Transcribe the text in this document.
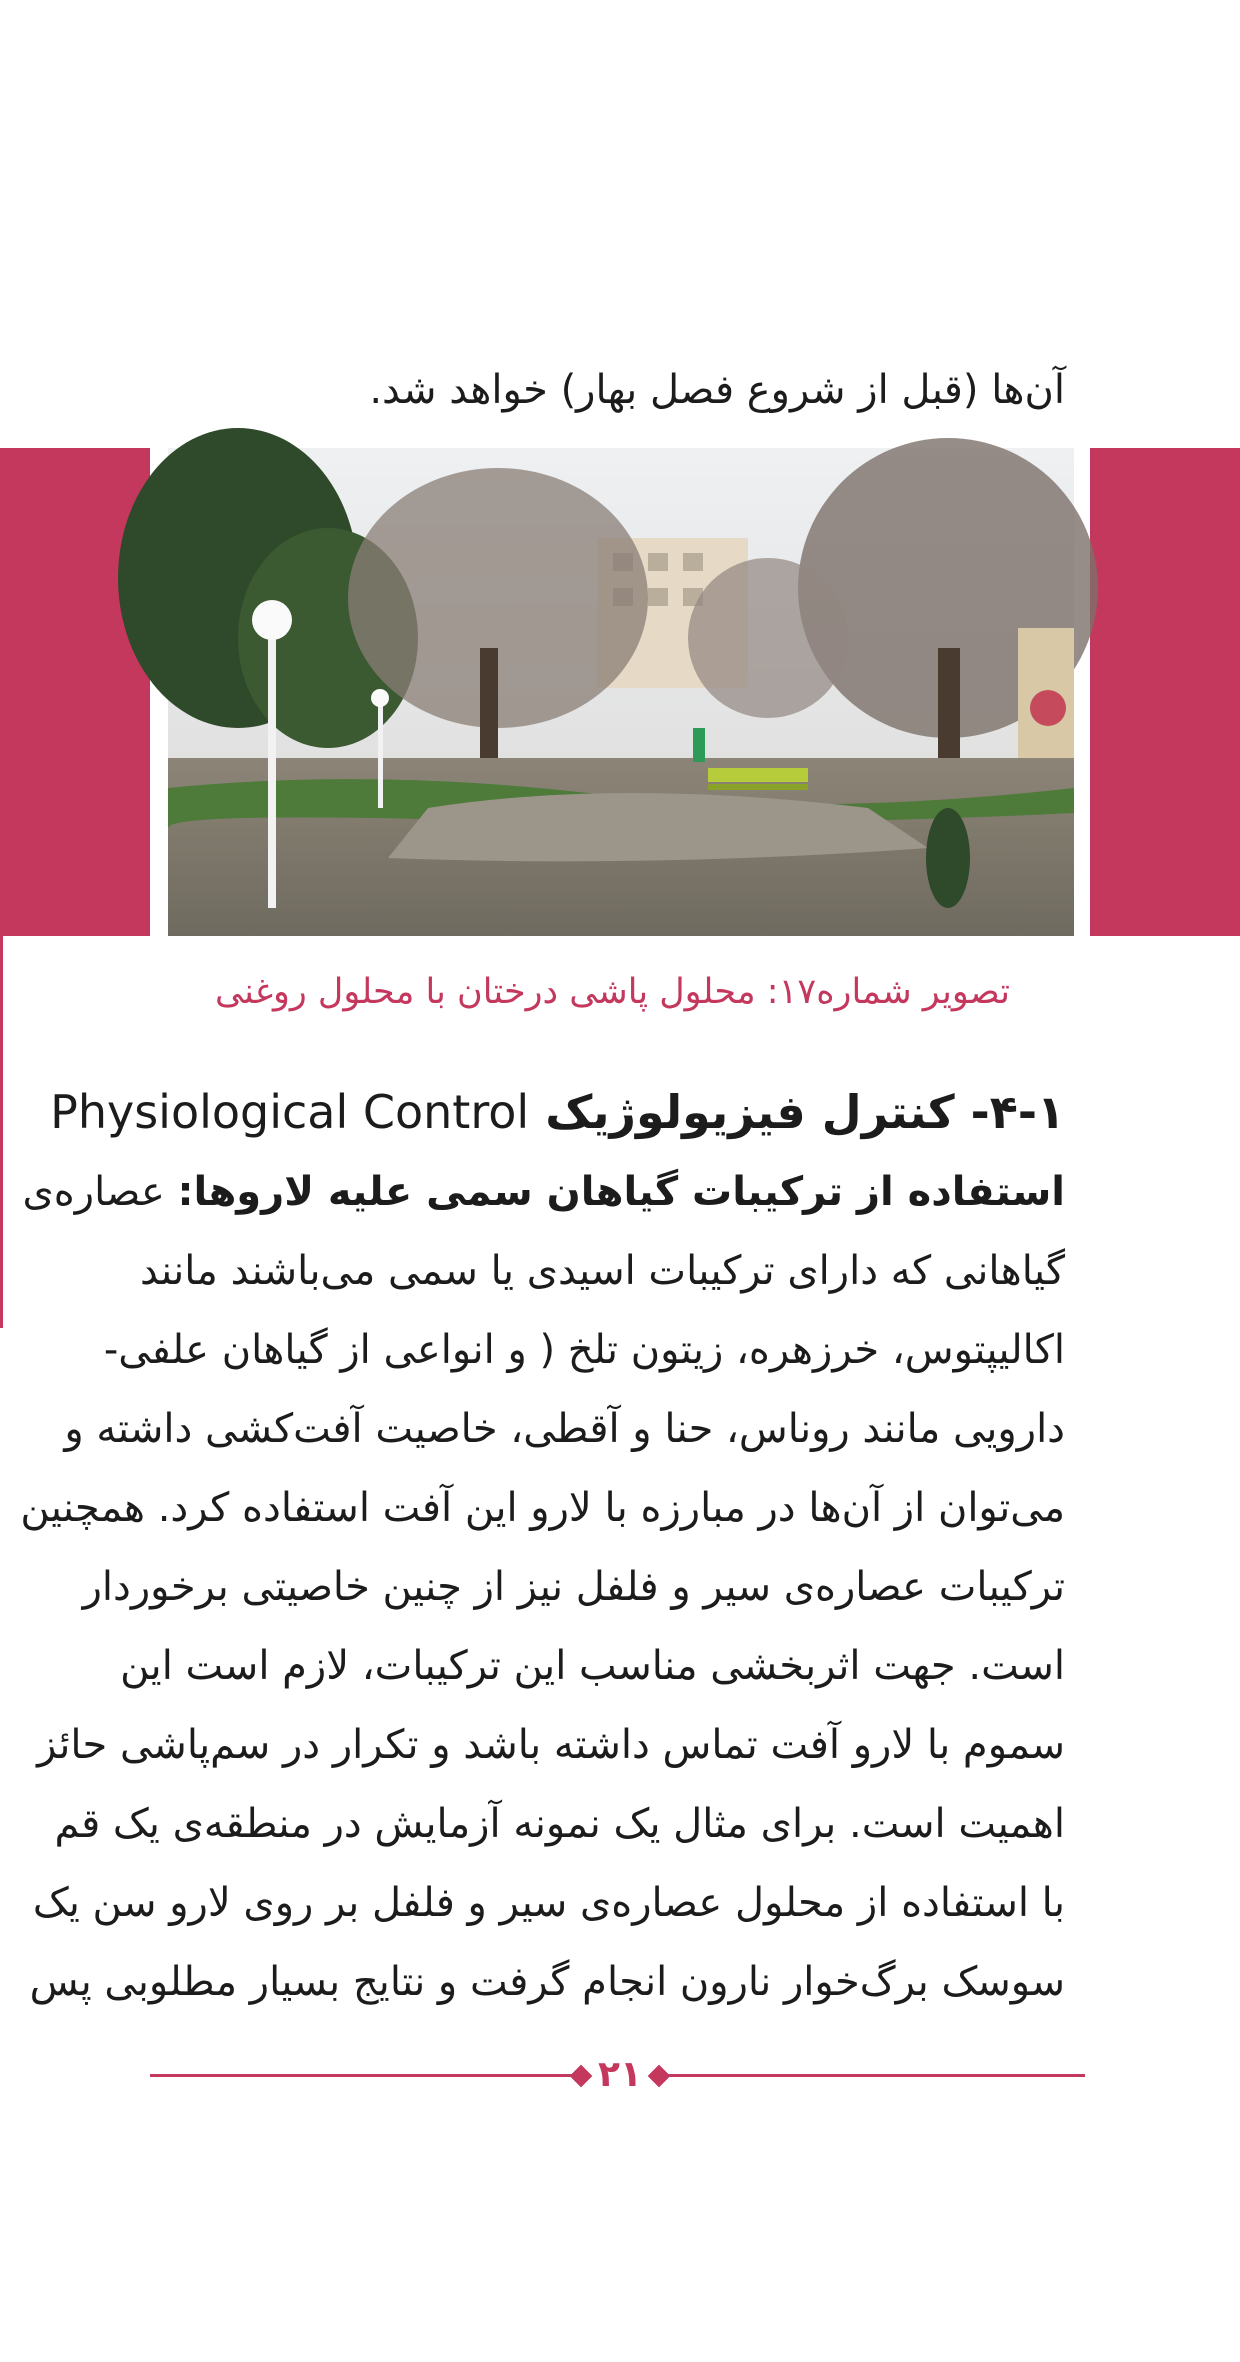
آن‌ها (قبل از شروع فصل بهار) خواهد شد.
تصویر شماره۱۷: محلول پاشی درختان با محلول روغنی
۴-۱- کنترل فیزیولوژیک Physiological Control
استفاده از ترکیبات گیاهان سمی علیه لاروها: عصاره‌ی
گیاهانی که دارای ترکیبات اسیدی یا سمی می‌باشند مانند
اکالیپتوس، خرزهره، زیتون تلخ ( و انواعی از گیاهان علفی-
دارویی مانند روناس، حنا و آقطی، خاصیت آفت‌کشی داشته و
می‌توان از آن‌ها در مبارزه با لارو این آفت استفاده کرد. همچنین
ترکیبات عصاره‌ی سیر و فلفل نیز از چنین خاصیتی برخوردار
است. جهت اثربخشی مناسب این ترکیبات، لازم است این
سموم با لارو آفت تماس داشته باشد و تکرار در سم‌پاشی حائز
اهمیت است. برای مثال یک نمونه آزمایش در منطقه‌ی یک قم
با استفاده از محلول عصاره‌ی سیر و فلفل بر روی لارو سن یک
سوسک برگ‌خوار نارون انجام گرفت و نتایج بسیار مطلوبی پس
۲۱
